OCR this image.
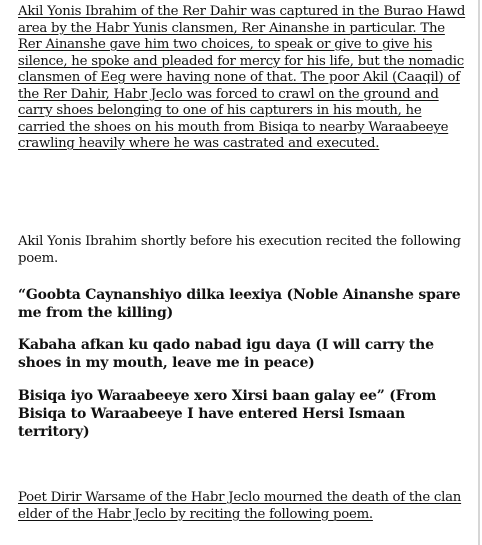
Akil Yonis Ibrahim of the Rer Dahir was captured in the Burao Hawd area by the Habr Yunis clansmen, Rer Ainanshe in particular. The Rer Ainanshe gave him two choices, to speak or give to give his silence, he spoke and pleaded for mercy for his life, but the nomadic clansmen of Eeg were having none of that. The poor Akil (Caaqil) of the Rer Dahir, Habr Jeclo was forced to crawl on the ground and carry shoes belonging to one of his capturers in his mouth, he carried the shoes on his mouth from Bisiqa to nearby Waraabeeye crawling heavily where he was castrated and executed.

Akil Yonis Ibrahim shortly before his execution recited the following poem.

“Goobta Caynanshiyo dilka leexiya (Noble Ainanshe spare me from the killing)

Kabaha afkan ku qado nabad igu daya (I will carry the shoes in my mouth, leave me in peace)

Bisiqa iyo Waraabeeye xero Xirsi baan galay ee” (From Bisiqa to Waraabeeye I have entered Hersi Ismaan territory)

Poet Dirir Warsame of the Habr Jeclo mourned the death of the clan elder of the Habr Jeclo by reciting the following poem.
